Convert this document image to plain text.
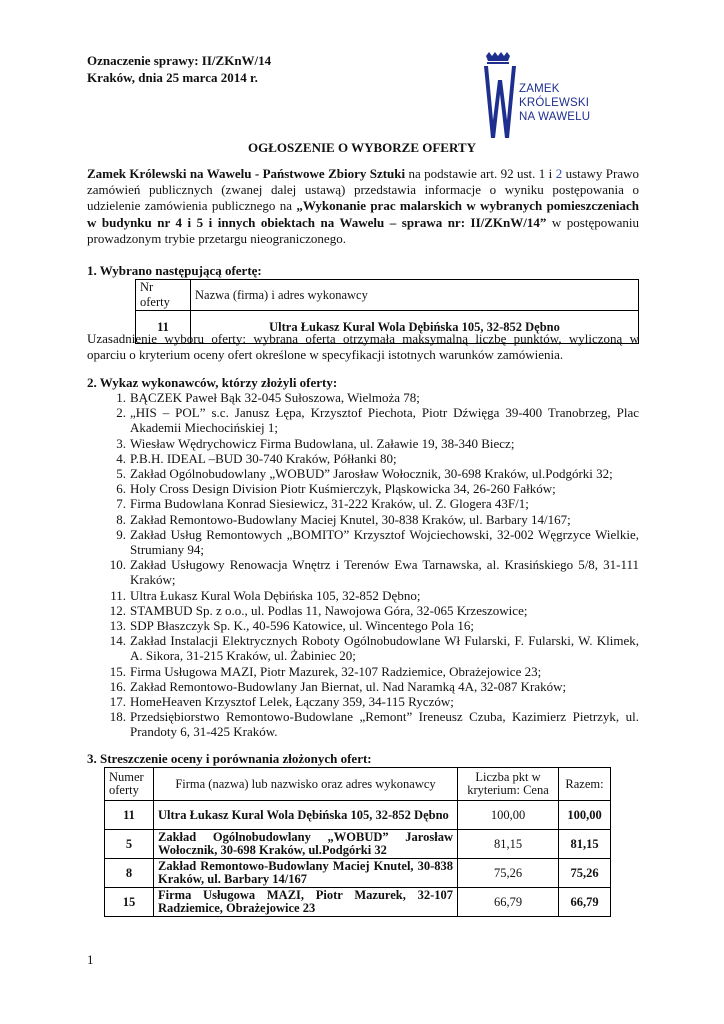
Oznaczenie sprawy: II/ZKnW/14
Kraków, dnia 25 marca 2014 r.
ZAMEK
KRÓLEWSKI
NA WAWELU
OGŁOSZENIE O WYBORZE OFERTY
Zamek Królewski na Wawelu - Państwowe Zbiory Sztuki na podstawie art. 92 ust. 1 i 2 ustawy Prawo zamówień publicznych (zwanej dalej ustawą) przedstawia informacje o wyniku postępowania o udzielenie zamówienia publicznego na „Wykonanie prac malarskich w wybranych pomieszczeniach w budynku nr 4 i 5 i innych obiektach na Wawelu – sprawa nr: II/ZKnW/14” w postępowaniu prowadzonym trybie przetargu nieograniczonego.
1. Wybrano następującą ofertę:
Nr oferty	Nazwa (firma) i adres wykonawcy
11	Ultra Łukasz Kural Wola Dębińska 105, 32-852 Dębno
Uzasadnienie wyboru oferty: wybrana oferta otrzymała maksymalną liczbę punktów, wyliczoną w oparciu o kryterium oceny ofert określone w specyfikacji istotnych warunków zamówienia.
2. Wykaz wykonawców, którzy złożyli oferty:
1. BĄCZEK Paweł Bąk 32-045 Sułoszowa, Wielmoża 78;
2. „HIS – POL” s.c. Janusz Łępa, Krzysztof Piechota, Piotr Dźwięga 39-400 Tranobrzeg, Plac Akademii Miechocińskiej 1;
3. Wiesław Wędrychowicz Firma Budowlana, ul. Załawie 19, 38-340 Biecz;
4. P.B.H. IDEAL –BUD 30-740 Kraków, Półłanki 80;
5. Zakład Ogólnobudowlany „WOBUD” Jarosław Wołocznik, 30-698 Kraków, ul.Podgórki 32;
6. Holy Cross Design Division Piotr Kuśmierczyk, Pląskowicka 34, 26-260 Fałków;
7. Firma Budowlana Konrad Siesiewicz, 31-222 Kraków, ul. Z. Glogera 43F/1;
8. Zakład Remontowo-Budowlany Maciej Knutel, 30-838 Kraków, ul. Barbary 14/167;
9. Zakład Usług Remontowych „BOMITO” Krzysztof Wojciechowski, 32-002 Węgrzyce Wielkie, Strumiany 94;
10. Zakład Usługowy Renowacja Wnętrz i Terenów Ewa Tarnawska, al. Krasińskiego 5/8, 31-111 Kraków;
11. Ultra Łukasz Kural Wola Dębińska 105, 32-852 Dębno;
12. STAMBUD Sp. z o.o., ul. Podlas 11, Nawojowa Góra, 32-065 Krzeszowice;
13. SDP Błaszczyk Sp. K., 40-596 Katowice, ul. Wincentego Pola 16;
14. Zakład Instalacji Elektrycznych Roboty Ogólnobudowlane Wł Fularski, F. Fularski, W. Klimek, A. Sikora, 31-215 Kraków, ul. Żabiniec 20;
15. Firma Usługowa MAZI, Piotr Mazurek, 32-107 Radziemice, Obrażejowice 23;
16. Zakład Remontowo-Budowlany Jan Biernat, ul. Nad Naramką 4A, 32-087 Kraków;
17. HomeHeaven Krzysztof Lelek, Łączany 359, 34-115 Ryczów;
18. Przedsiębiorstwo Remontowo-Budowlane „Remont” Ireneusz Czuba, Kazimierz Pietrzyk, ul. Prandoty 6, 31-425 Kraków.
3. Streszczenie oceny i porównania złożonych ofert:
Numer oferty	Firma (nazwa) lub nazwisko oraz adres wykonawcy	Liczba pkt w kryterium: Cena	Razem:
11	Ultra Łukasz Kural Wola Dębińska 105, 32-852 Dębno	100,00	100,00
5	Zakład Ogólnobudowlany „WOBUD” Jarosław Wołocznik, 30-698 Kraków, ul.Podgórki 32	81,15	81,15
8	Zakład Remontowo-Budowlany Maciej Knutel, 30-838 Kraków, ul. Barbary 14/167	75,26	75,26
15	Firma Usługowa MAZI, Piotr Mazurek, 32-107 Radziemice, Obrażejowice 23	66,79	66,79
1
